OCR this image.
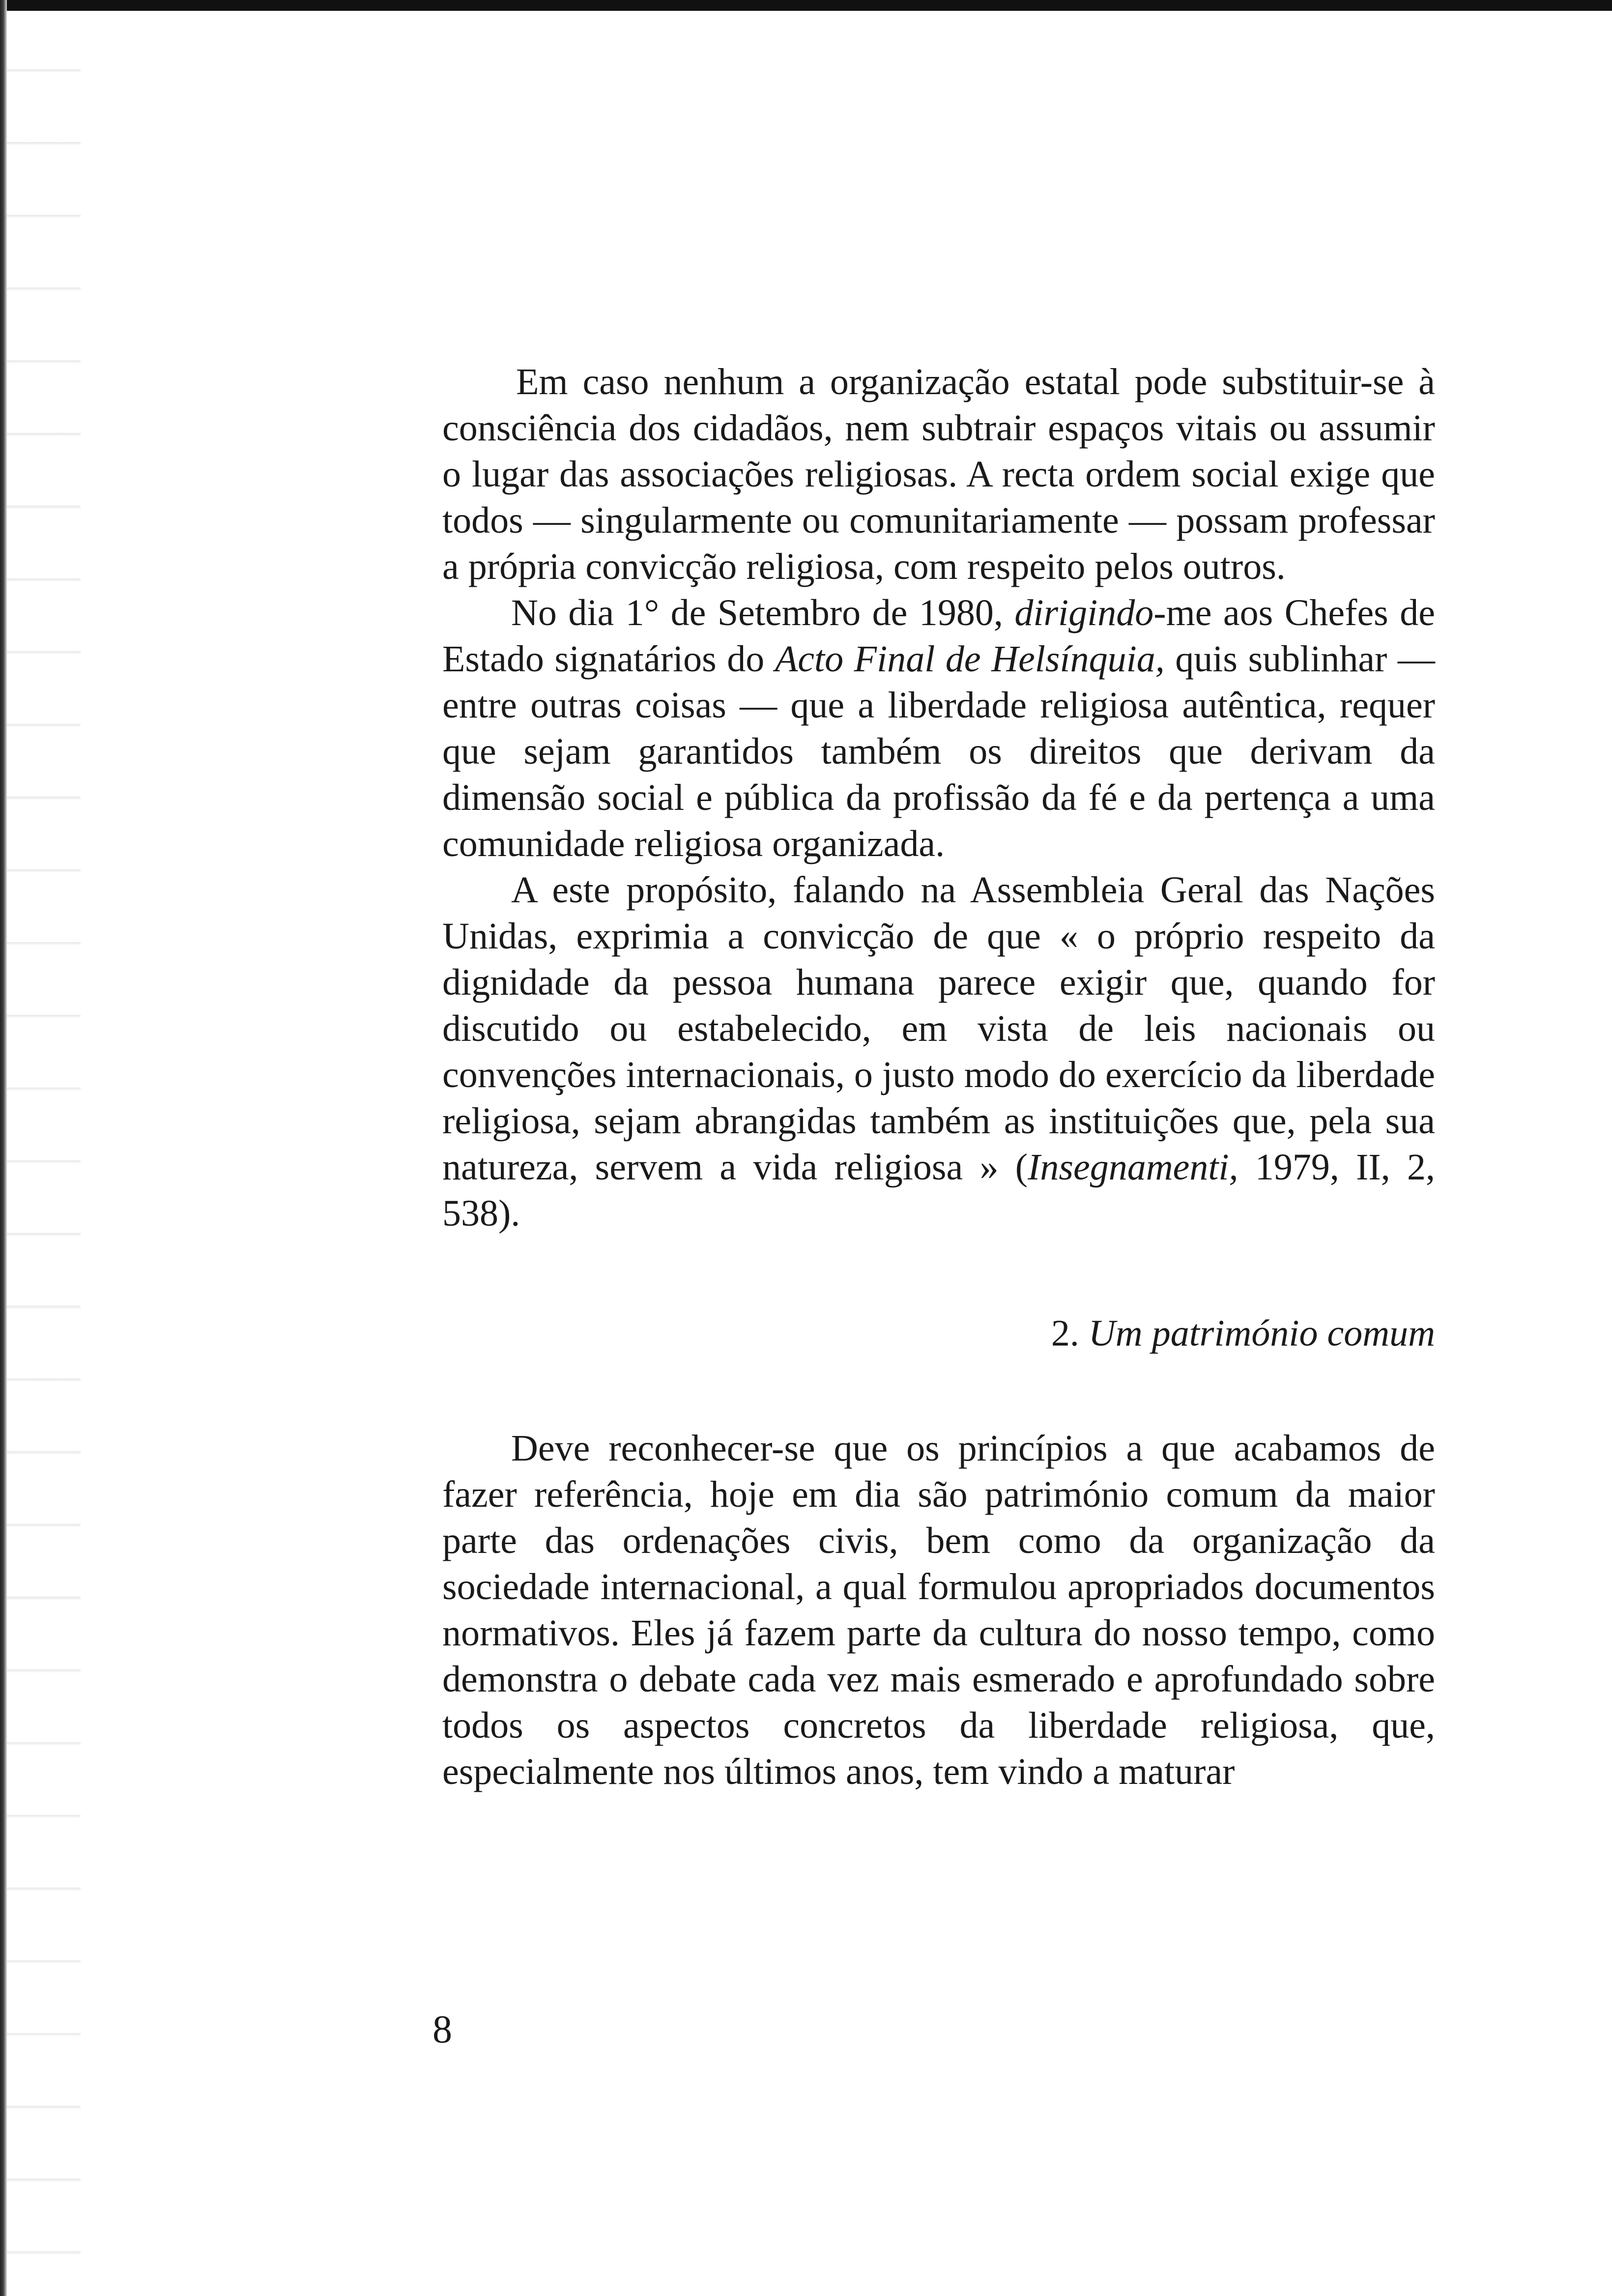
Em caso nenhum a organização estatal pode substituir-se à consciência dos cidadãos, nem subtrair espaços vitais ou assumir o lugar das associações religiosas. A recta ordem social exige que todos — singularmente ou comunitariamente — possam professar a própria convicção religiosa, com respeito pelos outros.

No dia 1° de Setembro de 1980, dirigindo-me aos Chefes de Estado signatários do Acto Final de Helsínquia, quis sublinhar — entre outras coisas — que a liberdade religiosa autêntica, requer que sejam garantidos também os direitos que derivam da dimensão social e pública da profissão da fé e da pertença a uma comunidade religiosa organizada.

A este propósito, falando na Assembleia Geral das Nações Unidas, exprimia a convicção de que « o próprio respeito da dignidade da pessoa humana parece exigir que, quando for discutido ou estabelecido, em vista de leis nacionais ou convenções internacionais, o justo modo do exercício da liberdade religiosa, sejam abrangidas também as instituições que, pela sua natureza, servem a vida religiosa » (Insegnamenti, 1979, II, 2, 538).

2. Um património comum

Deve reconhecer-se que os princípios a que acabamos de fazer referência, hoje em dia são património comum da maior parte das ordenações civis, bem como da organização da sociedade internacional, a qual formulou apropriados documentos normativos. Eles já fazem parte da cultura do nosso tempo, como demonstra o debate cada vez mais esmerado e aprofundado sobre todos os aspectos concretos da liberdade religiosa, que, especialmente nos últimos anos, tem vindo a maturar

8
